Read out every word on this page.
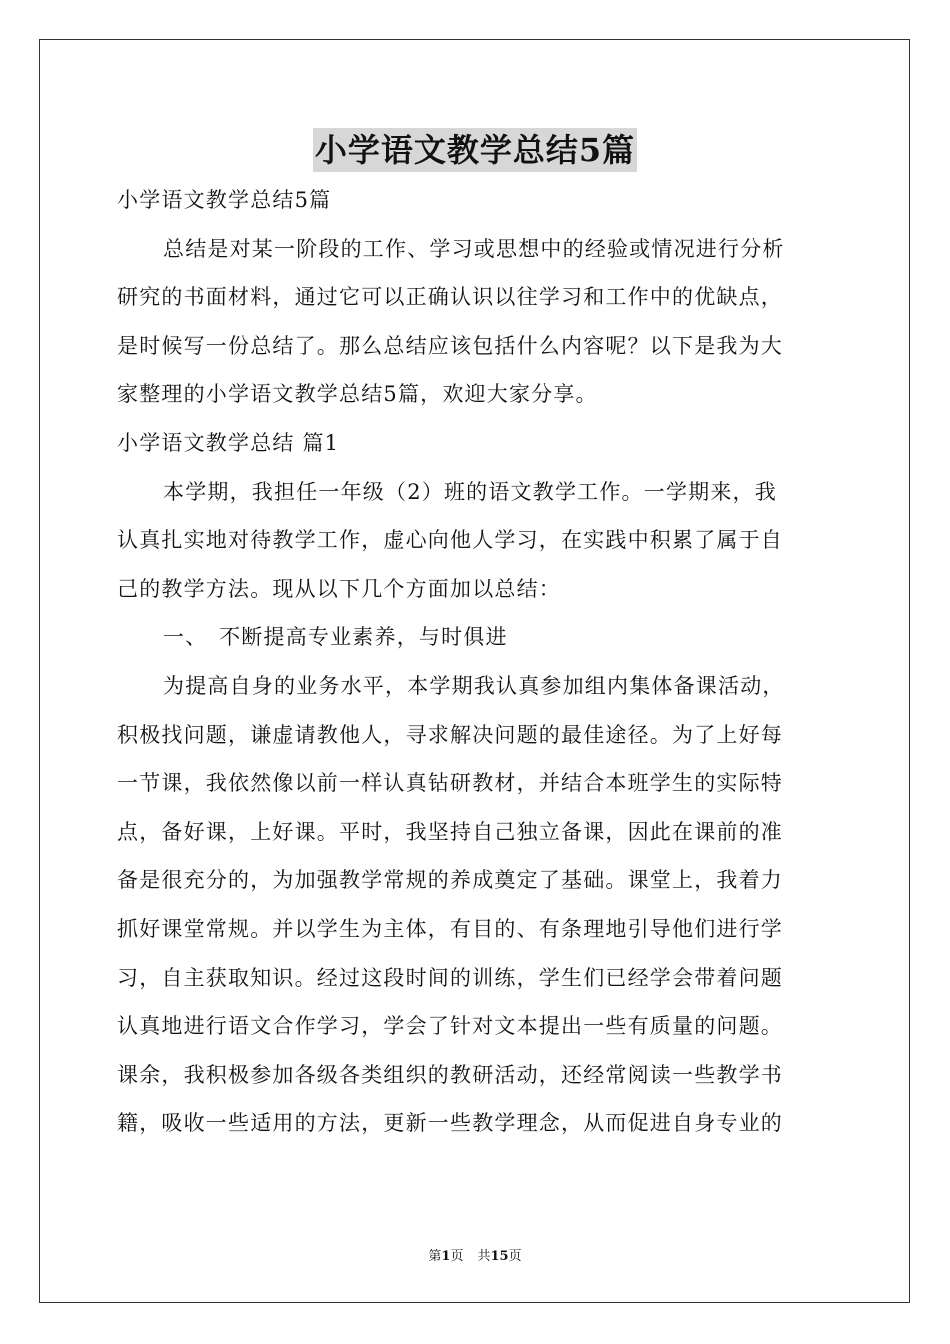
小学语文教学总结5篇
小学语文教学总结5篇
总结是对某一阶段的工作、学习或思想中的经验或情况进行分析
研究的书面材料，通过它可以正确认识以往学习和工作中的优缺点，
是时候写一份总结了。那么总结应该包括什么内容呢？以下是我为大
家整理的小学语文教学总结5篇，欢迎大家分享。
小学语文教学总结 篇1
本学期，我担任一年级（2）班的语文教学工作。一学期来，我
认真扎实地对待教学工作，虚心向他人学习，在实践中积累了属于自
己的教学方法。现从以下几个方面加以总结：
一、　不断提高专业素养，与时俱进
为提高自身的业务水平，本学期我认真参加组内集体备课活动，
积极找问题，谦虚请教他人，寻求解决问题的最佳途径。为了上好每
一节课，我依然像以前一样认真钻研教材，并结合本班学生的实际特
点，备好课，上好课。平时，我坚持自己独立备课，因此在课前的准
备是很充分的，为加强教学常规的养成奠定了基础。课堂上，我着力
抓好课堂常规。并以学生为主体，有目的、有条理地引导他们进行学
习，自主获取知识。经过这段时间的训练，学生们已经学会带着问题
认真地进行语文合作学习，学会了针对文本提出一些有质量的问题。
课余，我积极参加各级各类组织的教研活动，还经常阅读一些教学书
籍，吸收一些适用的方法，更新一些教学理念，从而促进自身专业的
第1页 共15页
